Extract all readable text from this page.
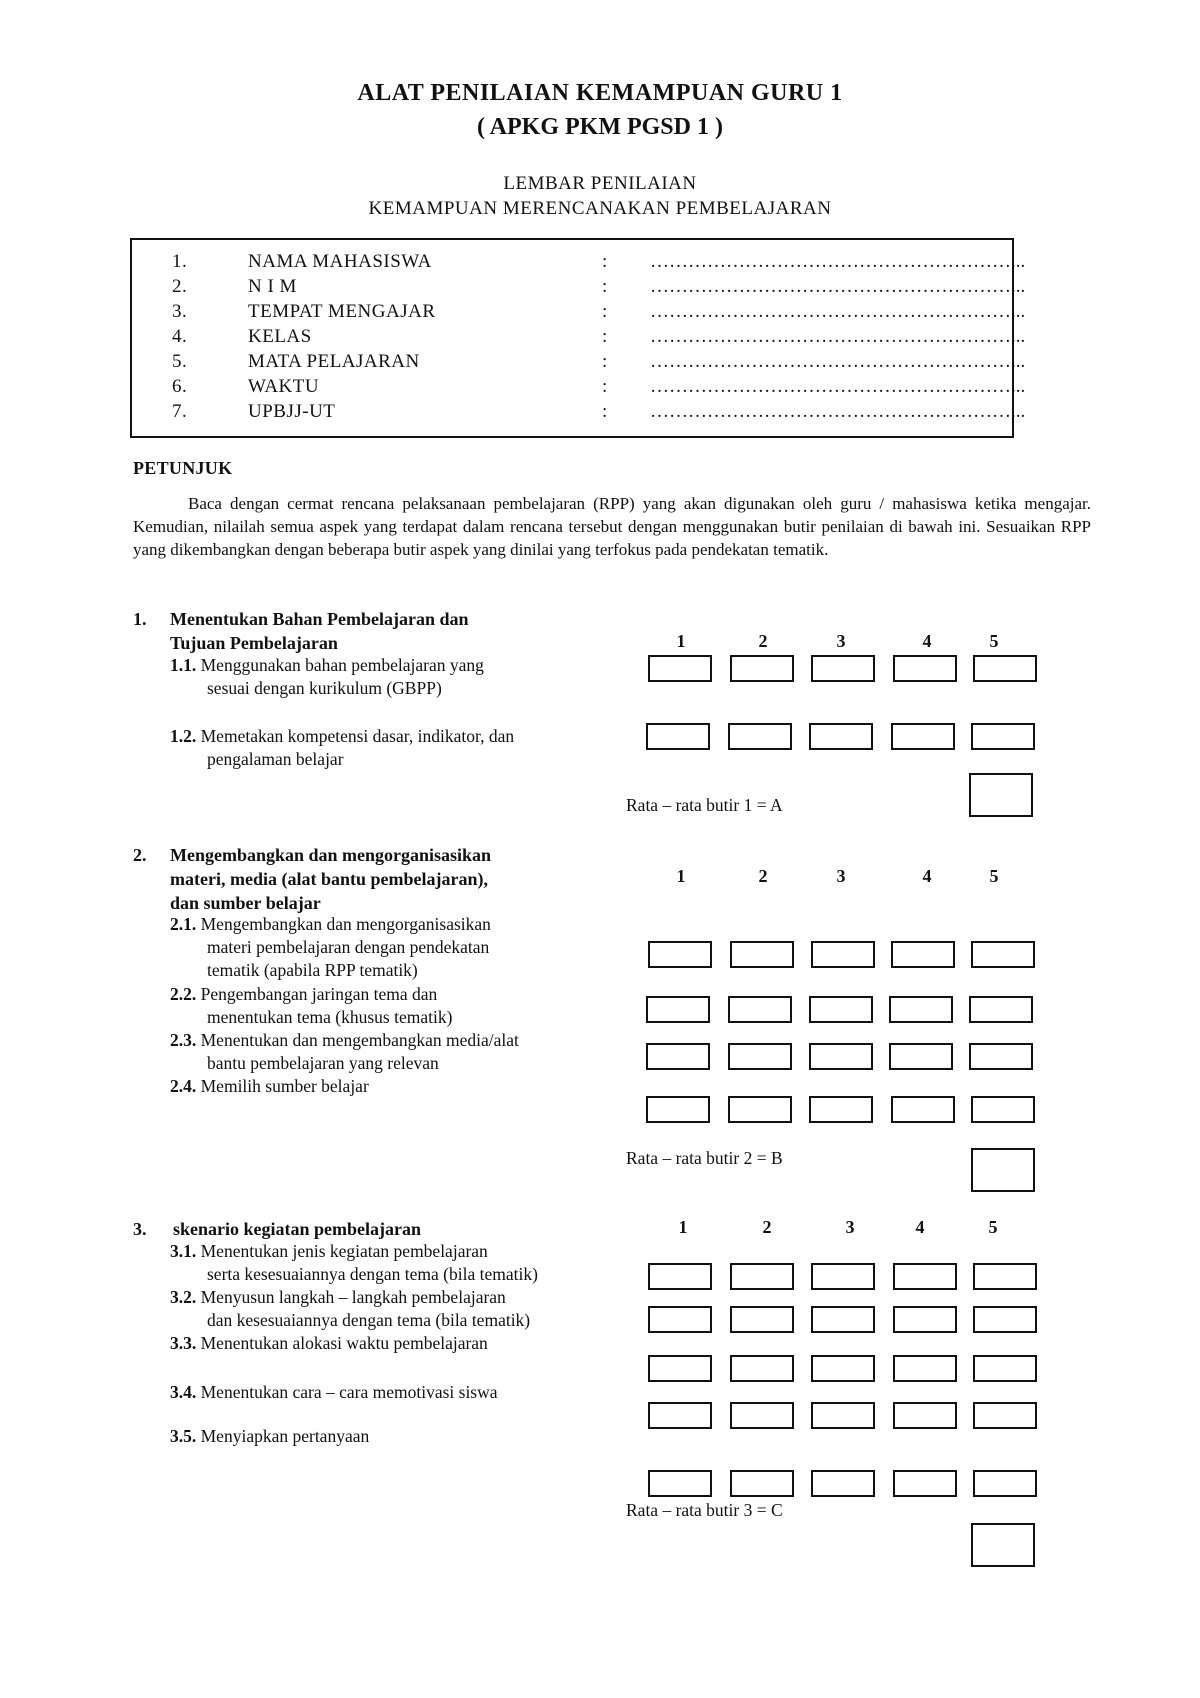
ALAT PENILAIAN KEMAMPUAN GURU 1
( APKG PKM PGSD 1 )
LEMBAR PENILAIAN
KEMAMPUAN MERENCANAKAN PEMBELAJARAN
1.	NAMA MAHASISWA	: …………………………………………………...
2.	N I M	: …………………………………………………...
3.	TEMPAT MENGAJAR	: …………………………………………………...
4.	KELAS	: …………………………………………………...
5.	MATA PELAJARAN	: …………………………………………………...
6.	WAKTU	: …………………………………………………...
7.	UPBJJ-UT	: …………………………………………………...
PETUNJUK

Baca dengan cermat rencana pelaksanaan pembelajaran (RPP) yang akan digunakan oleh guru / mahasiswa ketika mengajar. Kemudian, nilailah semua aspek yang terdapat dalam rencana tersebut dengan menggunakan butir penilaian di bawah ini. Sesuaikan RPP yang dikembangkan dengan beberapa butir aspek yang dinilai yang terfokus pada pendekatan tematik.

1. Menentukan Bahan Pembelajaran dan
Tujuan Pembelajaran	1	2	3	4	5
1.1. Menggunakan bahan pembelajaran yang
sesuai dengan kurikulum (GBPP)
1.2. Memetakan kompetensi dasar, indikator, dan
pengalaman belajar
Rata – rata butir 1 = A
2. Mengembangkan dan mengorganisasikan
materi, media (alat bantu pembelajaran),
dan sumber belajar
1	2	3	4	5
2.1. Mengembangkan dan mengorganisasikan
materi pembelajaran dengan pendekatan
tematik (apabila RPP tematik)
2.2. Pengembangan jaringan tema dan
menentukan tema (khusus tematik)
2.3. Menentukan dan mengembangkan media/alat
bantu pembelajaran yang relevan
2.4. Memilih sumber belajar
Rata – rata butir 2 = B
3. skenario kegiatan pembelajaran	1	2	3	4	5
3.1. Menentukan jenis kegiatan pembelajaran
serta kesesuaiannya dengan tema (bila tematik)
3.2. Menyusun langkah – langkah pembelajaran
dan kesesuaiannya dengan tema (bila tematik)
3.3. Menentukan alokasi waktu pembelajaran
3.4. Menentukan cara – cara memotivasi siswa
3.5. Menyiapkan pertanyaan
Rata – rata butir 3 = C
